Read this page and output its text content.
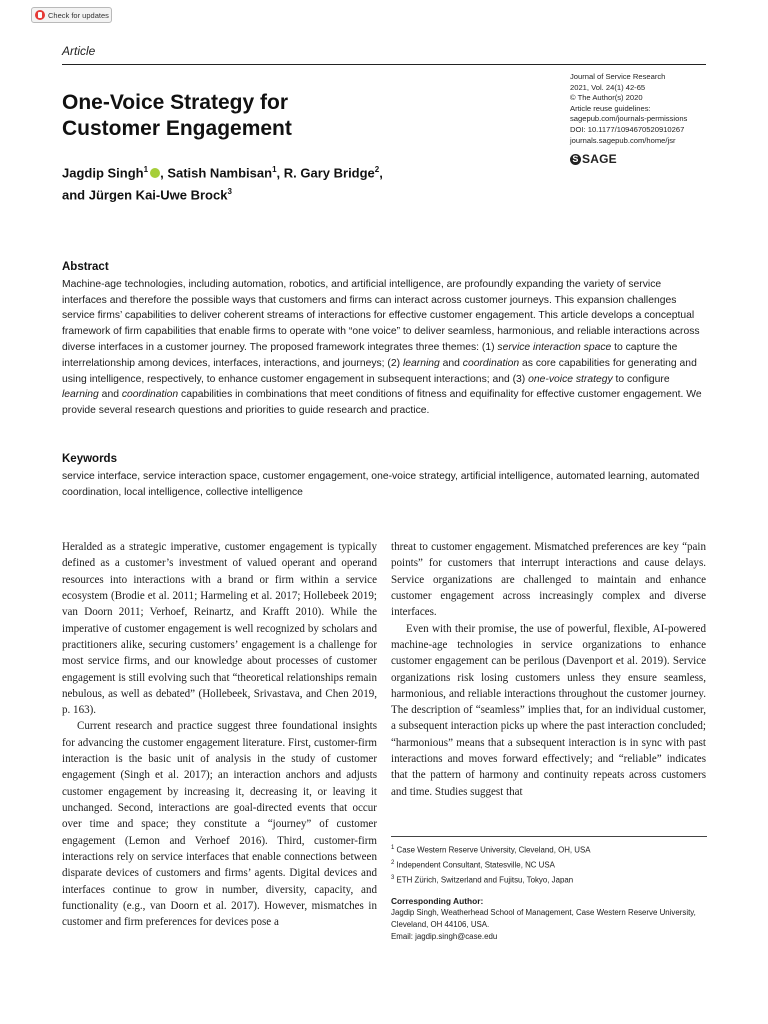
Check for updates
Article
One-Voice Strategy for
Customer Engagement
Journal of Service Research
2021, Vol. 24(1) 42-65
© The Author(s) 2020
Article reuse guidelines:
sagepub.com/journals-permissions
DOI: 10.1177/1094670520910267
journals.sagepub.com/home/jsr
S SAGE
Jagdip Singh$^1$ , Satish Nambisan$^1$, R. Gary Bridge$^2$,
and Jürgen Kai-Uwe Brock$^3$
Abstract
Machine-age technologies, including automation, robotics, and artificial intelligence, are profoundly expanding the variety of service interfaces and therefore the possible ways that customers and firms can interact across customer journeys. This expansion challenges service firms’ capabilities to deliver coherent streams of interactions for effective customer engagement. This article develops a conceptual framework of firm capabilities that enable firms to operate with “one voice” to deliver seamless, harmonious, and reliable interactions across diverse interfaces in a customer journey. The proposed framework integrates three themes: (1) service interaction space to capture the interrelationship among devices, interfaces, interactions, and journeys; (2) learning and coordination as core capabilities for generating and using intelligence, respectively, to enhance customer engagement in subsequent interactions; and (3) one-voice strategy to configure learning and coordination capabilities in combinations that meet conditions of fitness and equifinality for effective customer engagement. We provide several research questions and priorities to guide research and practice.
Keywords
service interface, service interaction space, customer engagement, one-voice strategy, artificial intelligence, automated learning, automated coordination, local intelligence, collective intelligence

Heralded as a strategic imperative, customer engagement is typically defined as a customer’s investment of valued operant and operand resources into interactions with a brand or firm within a service ecosystem (Brodie et al. 2011; Harmeling et al. 2017; Hollebeek 2019; van Doorn 2011; Verhoef, Reinartz, and Krafft 2010). While the imperative of customer engagement is well recognized by scholars and practitioners alike, securing customers’ engagement is a challenge for most service firms, and our knowledge about processes of customer engagement is still evolving such that “theoretical relationships remain nebulous, as well as debated” (Hollebeek, Srivastava, and Chen 2019, p. 163).

Current research and practice suggest three foundational insights for advancing the customer engagement literature. First, customer-firm interaction is the basic unit of analysis in the study of customer engagement (Singh et al. 2017); an interaction anchors and adjusts customer engagement by increasing it, decreasing it, or leaving it unchanged. Second, interactions are goal-directed events that occur over time and space; they constitute a “journey” of customer engagement (Lemon and Verhoef 2016). Third, customer-firm interactions rely on service interfaces that enable connections between disparate devices of customers and firms’ agents. Digital devices and interfaces continue to grow in number, diversity, capacity, and functionality (e.g., van Doorn et al. 2017). However, mismatches in customer and firm preferences for devices pose a

threat to customer engagement. Mismatched preferences are key “pain points” for customers that interrupt interactions and cause delays. Service organizations are challenged to maintain and enhance customer engagement across increasingly complex and diverse interfaces.

Even with their promise, the use of powerful, flexible, AI-powered machine-age technologies in service organizations to enhance customer engagement can be perilous (Davenport et al. 2019). Service organizations risk losing customers unless they ensure seamless, harmonious, and reliable interactions throughout the customer journey. The description of “seamless” implies that, for an individual customer, a subsequent interaction picks up where the past interaction concluded; “harmonious” means that a subsequent interaction is in sync with past interactions and moves forward effectively; and “reliable” indicates that the pattern of harmony and continuity repeats across customers and time. Studies suggest that

$^1$ Case Western Reserve University, Cleveland, OH, USA
$^2$ Independent Consultant, Statesville, NC USA
$^3$ ETH Zürich, Switzerland and Fujitsu, Tokyo, Japan
Corresponding Author:
Jagdip Singh, Weatherhead School of Management, Case Western Reserve University, Cleveland, OH 44106, USA.
Email: jagdip.singh@case.edu
